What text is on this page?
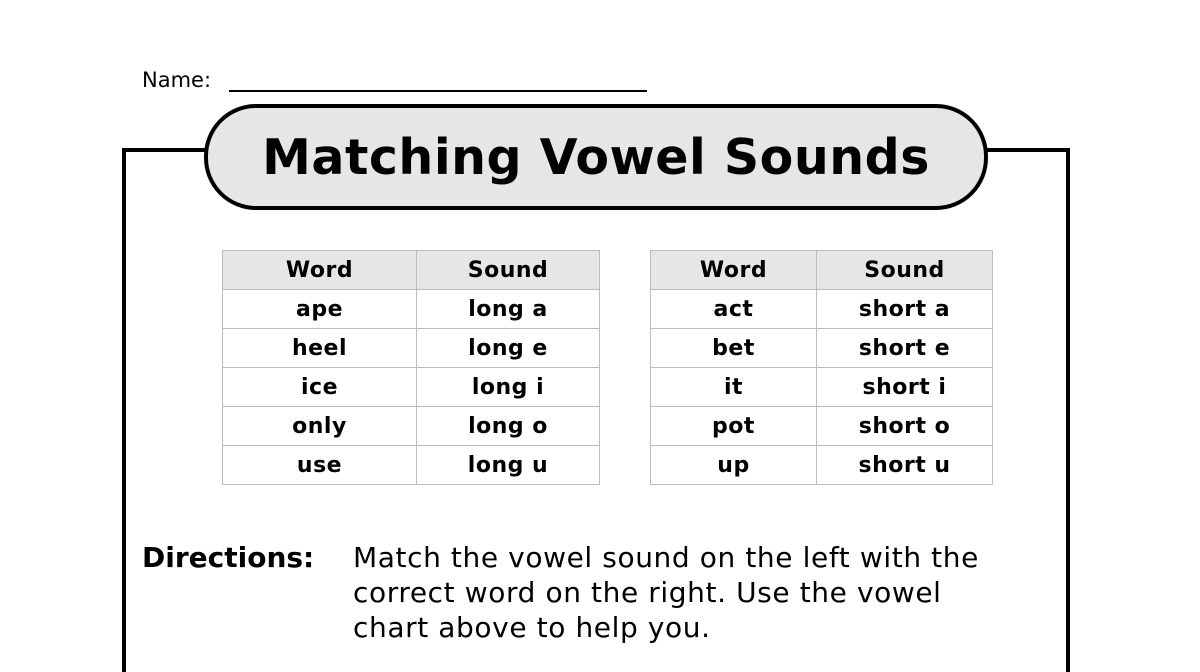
Name:
Matching Vowel Sounds
Word	Sound
ape	long a
heel	long e
ice	long i
only	long o
use	long u
Word	Sound
act	short a
bet	short e
it	short i
pot	short o
up	short u
Directions:	Match the vowel sound on the left with the correct word on the right. Use the vowel chart above to help you.
